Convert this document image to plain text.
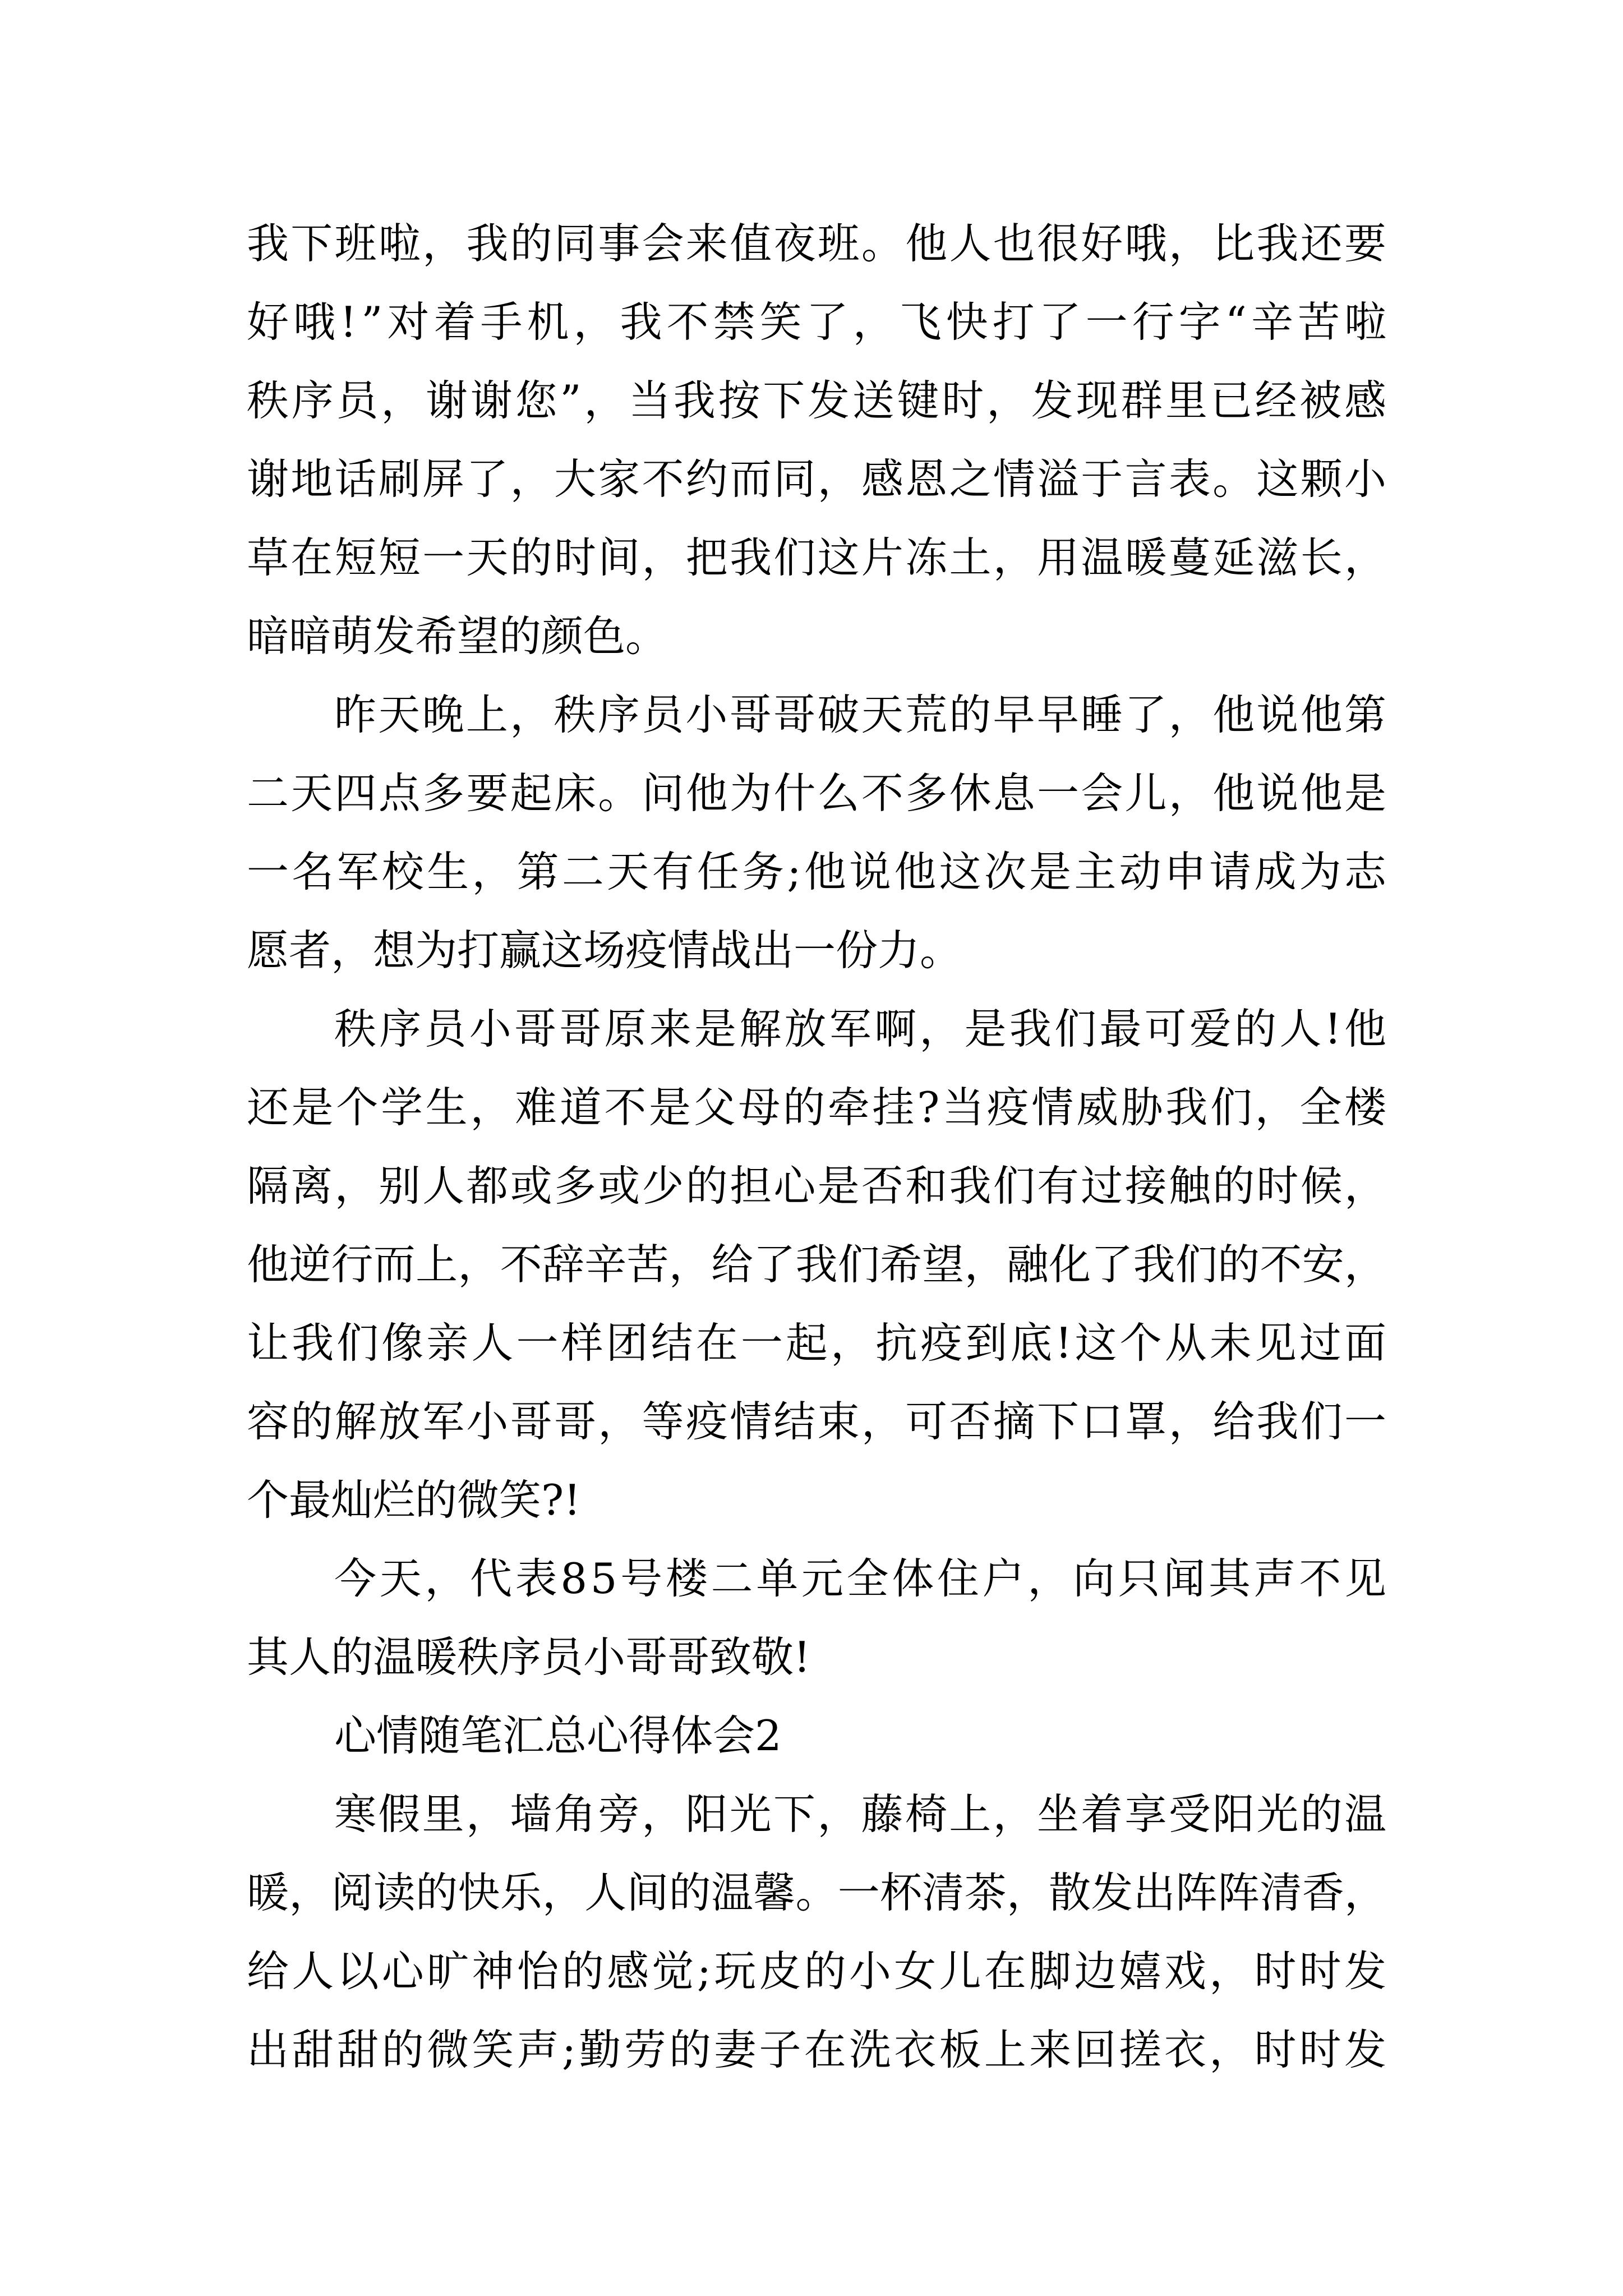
我下班啦，我的同事会来值夜班。他人也很好哦，比我还要
好哦!”对着手机，我不禁笑了，飞快打了一行字“辛苦啦
秩序员，谢谢您”，当我按下发送键时，发现群里已经被感
谢地话刷屏了，大家不约而同，感恩之情溢于言表。这颗小
草在短短一天的时间，把我们这片冻土，用温暖蔓延滋长，
暗暗萌发希望的颜色。
昨天晚上，秩序员小哥哥破天荒的早早睡了，他说他第
二天四点多要起床。问他为什么不多休息一会儿，他说他是
一名军校生，第二天有任务;他说他这次是主动申请成为志
愿者，想为打赢这场疫情战出一份力。
秩序员小哥哥原来是解放军啊，是我们最可爱的人!他
还是个学生，难道不是父母的牵挂?当疫情威胁我们，全楼
隔离，别人都或多或少的担心是否和我们有过接触的时候，
他逆行而上，不辞辛苦，给了我们希望，融化了我们的不安，
让我们像亲人一样团结在一起，抗疫到底!这个从未见过面
容的解放军小哥哥，等疫情结束，可否摘下口罩，给我们一
个最灿烂的微笑?!
今天，代表85号楼二单元全体住户，向只闻其声不见
其人的温暖秩序员小哥哥致敬!
心情随笔汇总心得体会2
寒假里，墙角旁，阳光下，藤椅上，坐着享受阳光的温
暖，阅读的快乐，人间的温馨。一杯清茶，散发出阵阵清香，
给人以心旷神怡的感觉;玩皮的小女儿在脚边嬉戏，时时发
出甜甜的微笑声;勤劳的妻子在洗衣板上来回搓衣，时时发
